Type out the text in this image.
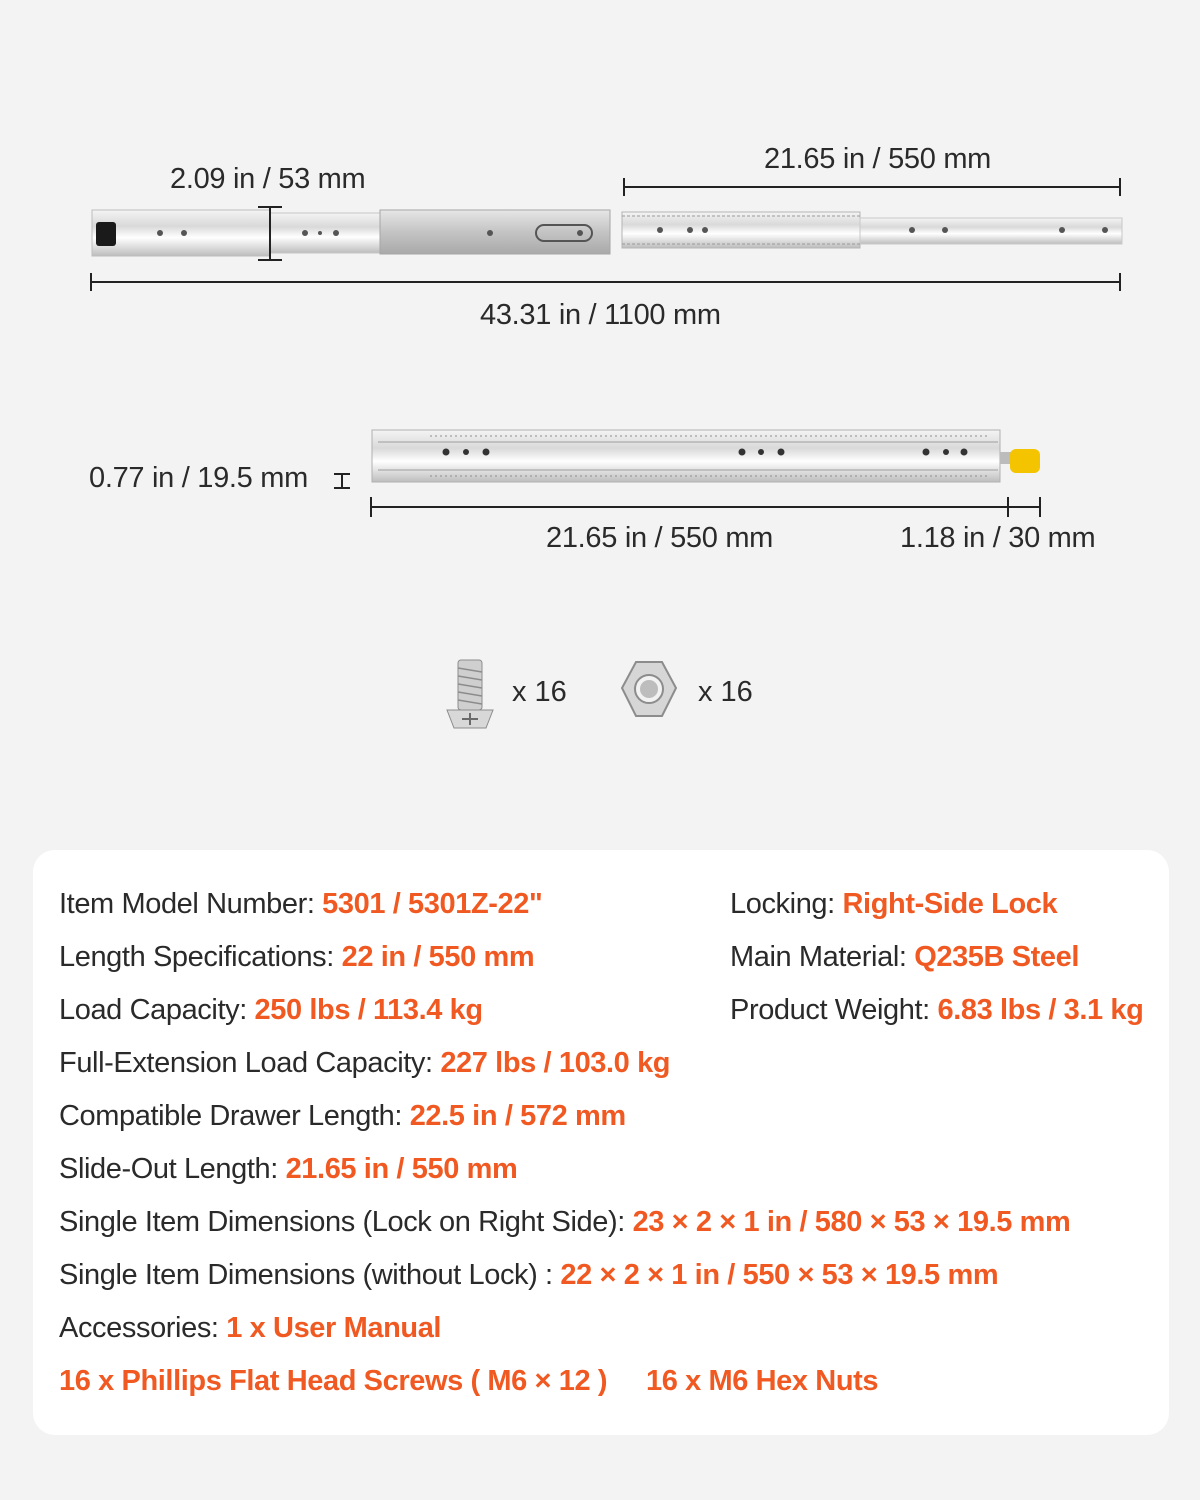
2.09 in / 53 mm
21.65 in / 550 mm
43.31 in / 1100 mm
0.77 in / 19.5 mm
21.65 in / 550 mm	1.18 in / 30 mm
x 16	x 16
Item Model Number: 5301 / 5301Z-22"
Length Specifications: 22 in / 550 mm
Load Capacity: 250 lbs / 113.4 kg
Full-Extension Load Capacity: 227 lbs / 103.0 kg
Compatible Drawer Length: 22.5 in / 572 mm
Slide-Out Length: 21.65 in / 550 mm
Single Item Dimensions (Lock on Right Side): 23 × 2 × 1 in / 580 × 53 × 19.5 mm
Single Item Dimensions (without Lock) : 22 × 2 × 1 in / 550 × 53 × 19.5 mm
Accessories: 1 x User Manual
16 x Phillips Flat Head Screws ( M6 × 12 ) 16 x M6 Hex Nuts
Locking: Right-Side Lock
Main Material: Q235B Steel
Product Weight: 6.83 lbs / 3.1 kg
